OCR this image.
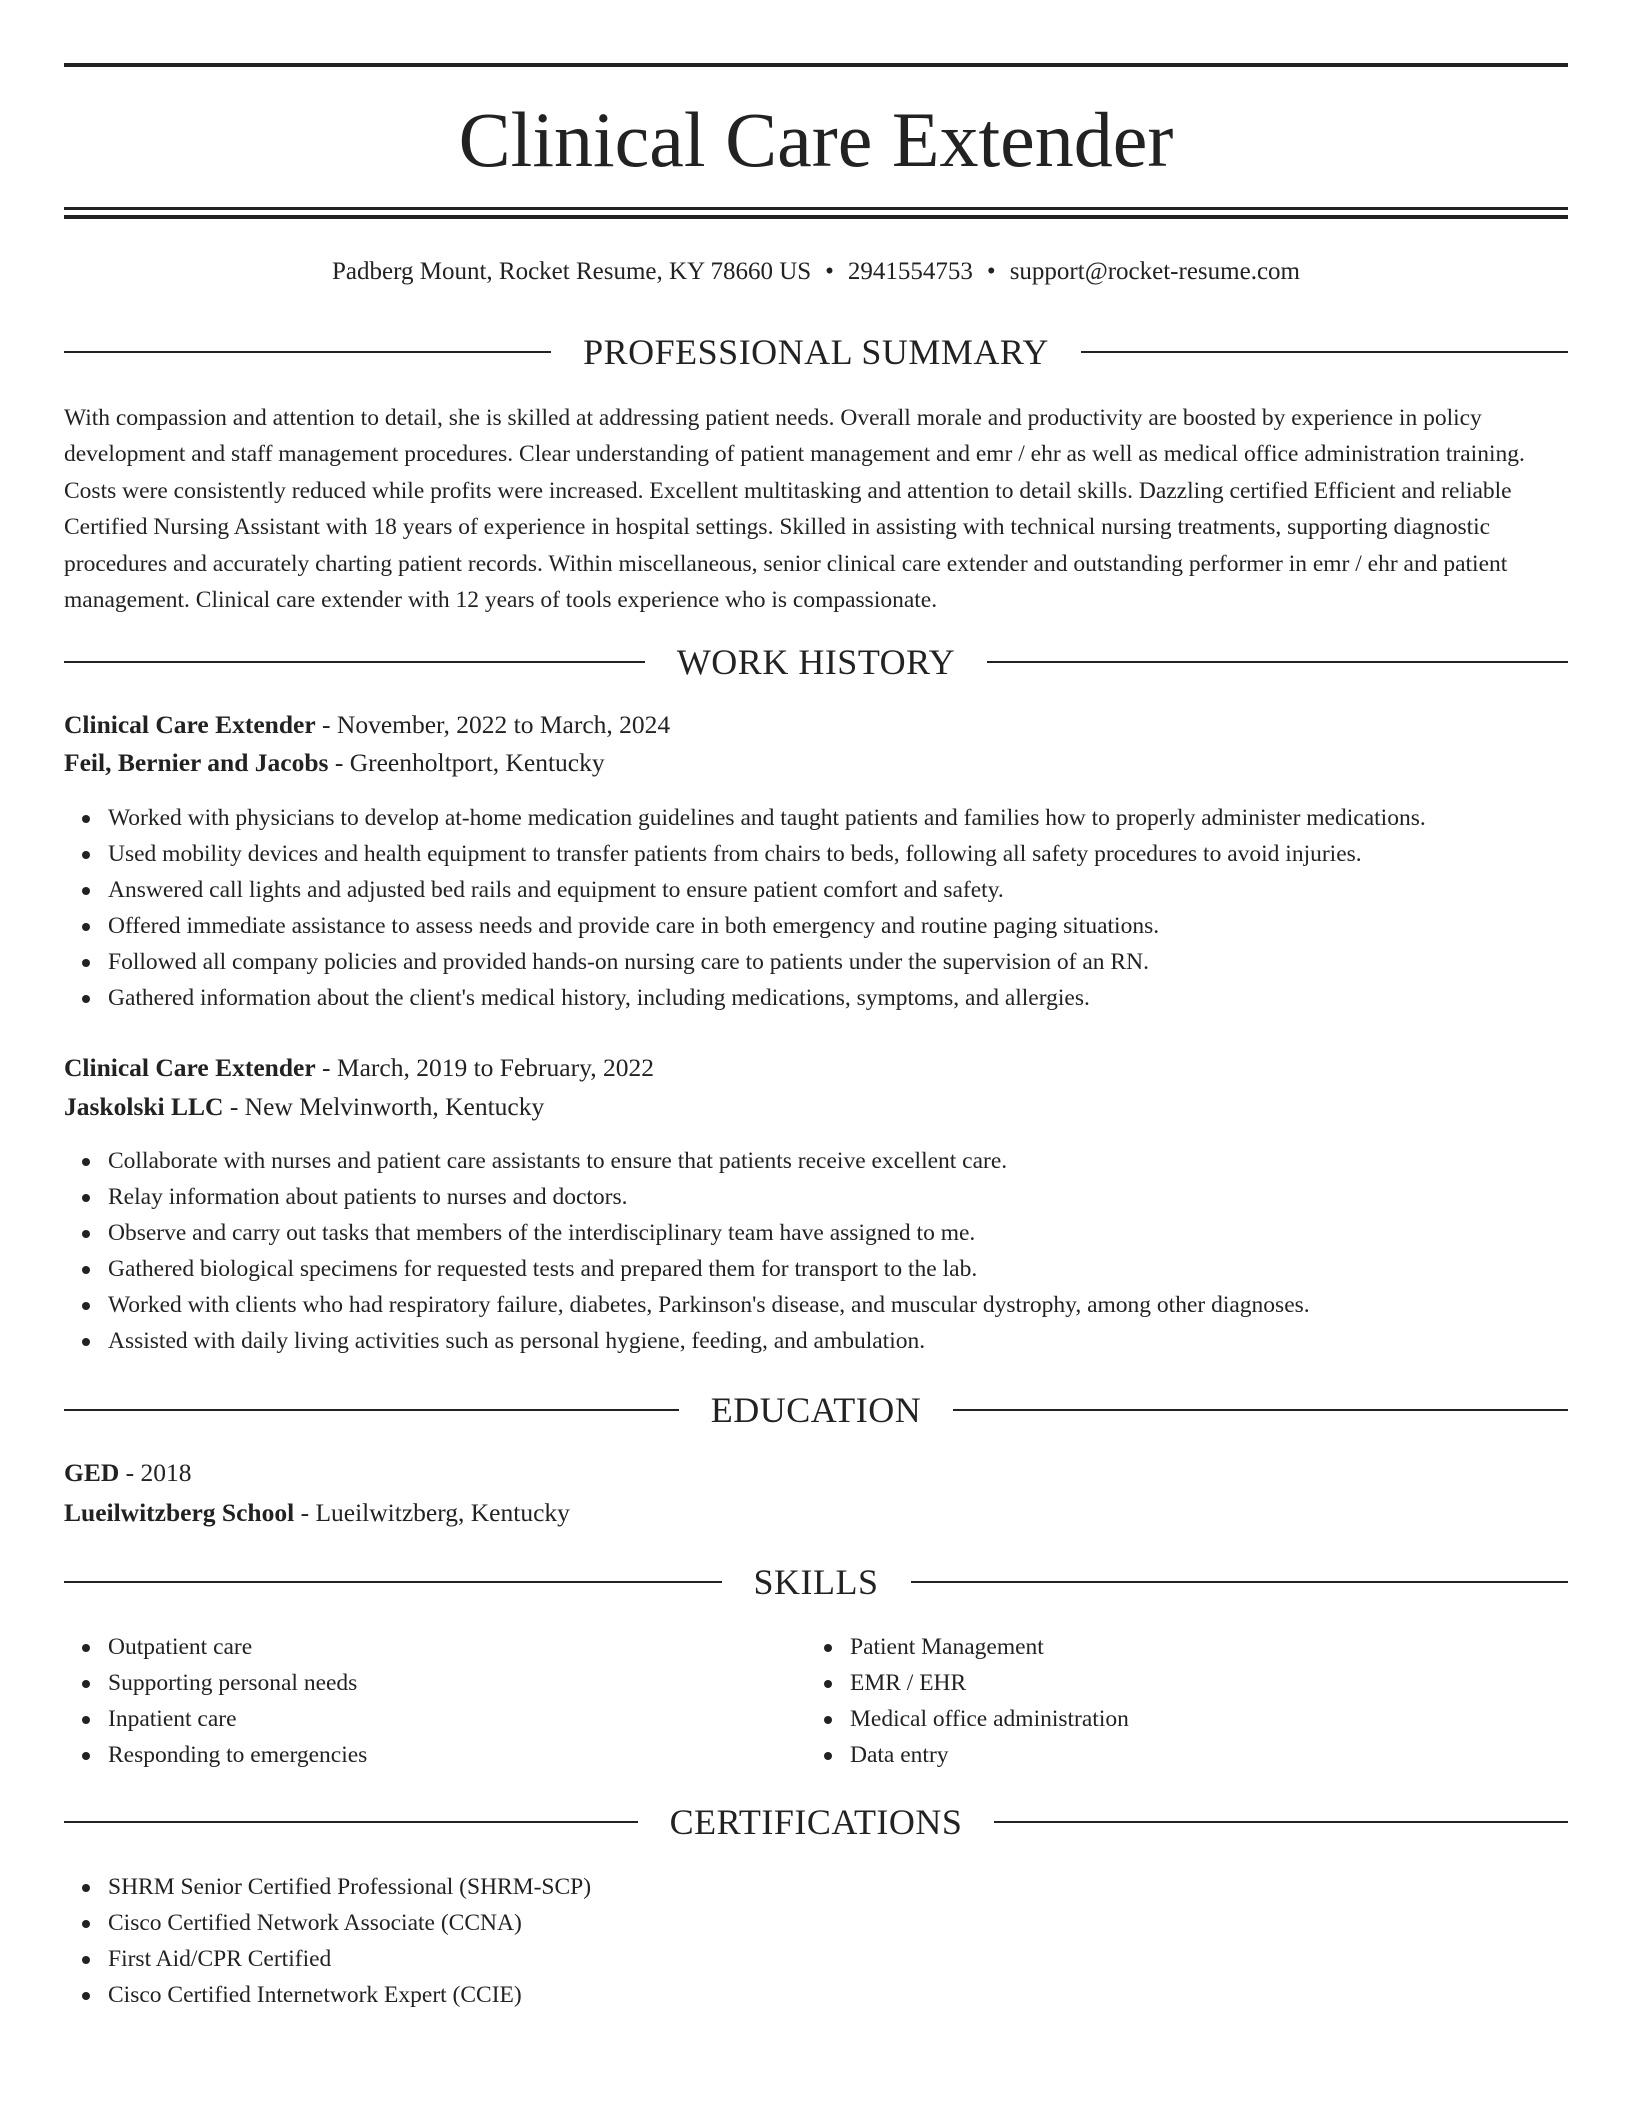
Clinical Care Extender
Padberg Mount, Rocket Resume, KY 78660 US • 2941554753 • support@rocket-resume.com
PROFESSIONAL SUMMARY

With compassion and attention to detail, she is skilled at addressing patient needs. Overall morale and productivity are boosted by experience in policy development and staff management procedures. Clear understanding of patient management and emr / ehr as well as medical office administration training. Costs were consistently reduced while profits were increased. Excellent multitasking and attention to detail skills. Dazzling certified Efficient and reliable Certified Nursing Assistant with 18 years of experience in hospital settings. Skilled in assisting with technical nursing treatments, supporting diagnostic procedures and accurately charting patient records. Within miscellaneous, senior clinical care extender and outstanding performer in emr / ehr and patient management. Clinical care extender with 12 years of tools experience who is compassionate.

WORK HISTORY
Clinical Care Extender - November, 2022 to March, 2024
Feil, Bernier and Jacobs - Greenholtport, Kentucky
Worked with physicians to develop at-home medication guidelines and taught patients and families how to properly administer medications.
Used mobility devices and health equipment to transfer patients from chairs to beds, following all safety procedures to avoid injuries.
Answered call lights and adjusted bed rails and equipment to ensure patient comfort and safety.
Offered immediate assistance to assess needs and provide care in both emergency and routine paging situations.
Followed all company policies and provided hands-on nursing care to patients under the supervision of an RN.
Gathered information about the client's medical history, including medications, symptoms, and allergies.
Clinical Care Extender - March, 2019 to February, 2022
Jaskolski LLC - New Melvinworth, Kentucky
Collaborate with nurses and patient care assistants to ensure that patients receive excellent care.
Relay information about patients to nurses and doctors.
Observe and carry out tasks that members of the interdisciplinary team have assigned to me.
Gathered biological specimens for requested tests and prepared them for transport to the lab.
Worked with clients who had respiratory failure, diabetes, Parkinson's disease, and muscular dystrophy, among other diagnoses.
Assisted with daily living activities such as personal hygiene, feeding, and ambulation.
EDUCATION
GED - 2018
Lueilwitzberg School - Lueilwitzberg, Kentucky
SKILLS
Outpatient care
Supporting personal needs
Inpatient care
Responding to emergencies
Patient Management
EMR / EHR
Medical office administration
Data entry
CERTIFICATIONS
SHRM Senior Certified Professional (SHRM-SCP)
Cisco Certified Network Associate (CCNA)
First Aid/CPR Certified
Cisco Certified Internetwork Expert (CCIE)
